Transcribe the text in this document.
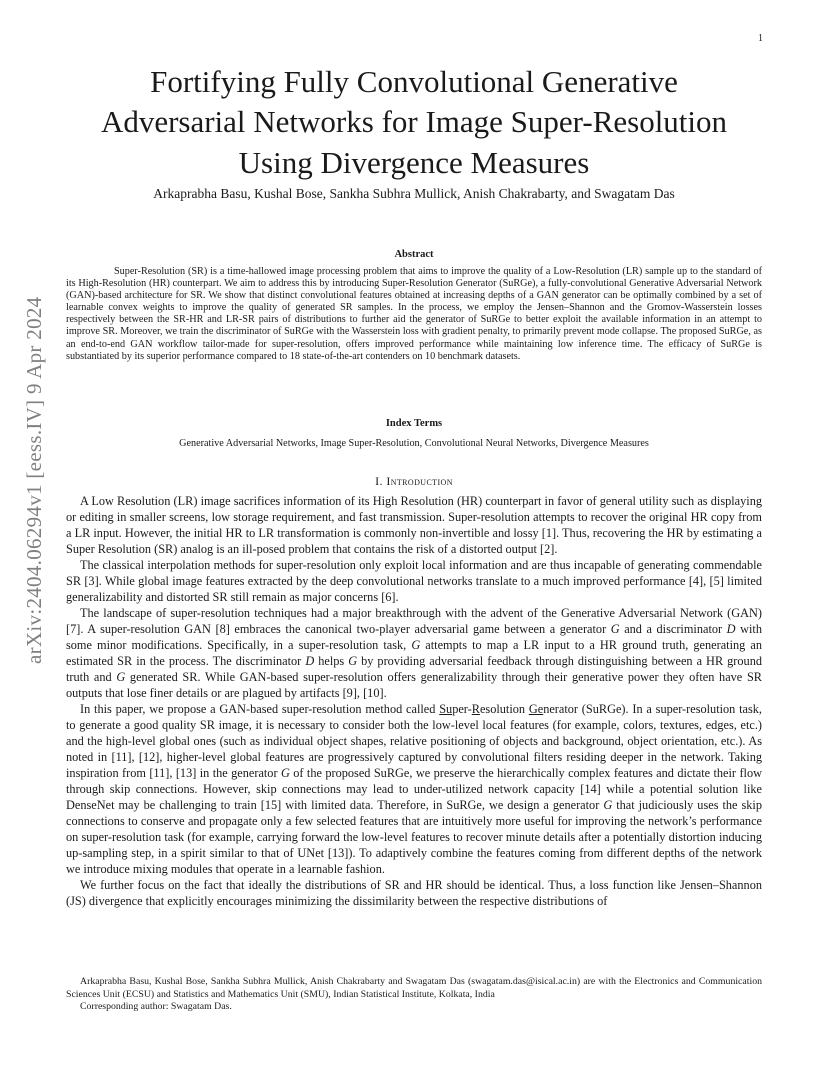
1
arXiv:2404.06294v1 [eess.IV] 9 Apr 2024
Fortifying Fully Convolutional Generative
Adversarial Networks for Image Super-Resolution
Using Divergence Measures
Arkaprabha Basu, Kushal Bose, Sankha Subhra Mullick, Anish Chakrabarty, and Swagatam Das
Abstract

Super-Resolution (SR) is a time-hallowed image processing problem that aims to improve the quality of a Low-Resolution (LR) sample up to the standard of its High-Resolution (HR) counterpart. We aim to address this by introducing Super-Resolution Generator (SuRGe), a fully-convolutional Generative Adversarial Network (GAN)-based architecture for SR. We show that distinct convolutional features obtained at increasing depths of a GAN generator can be optimally combined by a set of learnable convex weights to improve the quality of generated SR samples. In the process, we employ the Jensen–Shannon and the Gromov-Wasserstein losses respectively between the SR-HR and LR-SR pairs of distributions to further aid the generator of SuRGe to better exploit the available information in an attempt to improve SR. Moreover, we train the discriminator of SuRGe with the Wasserstein loss with gradient penalty, to primarily prevent mode collapse. The proposed SuRGe, as an end-to-end GAN workflow tailor-made for super-resolution, offers improved performance while maintaining low inference time. The efficacy of SuRGe is substantiated by its superior performance compared to 18 state-of-the-art contenders on 10 benchmark datasets.

Index Terms
Generative Adversarial Networks, Image Super-Resolution, Convolutional Neural Networks, Divergence Measures
I. Introduction

A Low Resolution (LR) image sacrifices information of its High Resolution (HR) counterpart in favor of general utility such as displaying or editing in smaller screens, low storage requirement, and fast transmission. Super-resolution attempts to recover the original HR copy from a LR input. However, the initial HR to LR transformation is commonly non-invertible and lossy [1]. Thus, recovering the HR by estimating a Super Resolution (SR) analog is an ill-posed problem that contains the risk of a distorted output [2].

The classical interpolation methods for super-resolution only exploit local information and are thus incapable of generating commendable SR [3]. While global image features extracted by the deep convolutional networks translate to a much improved performance [4], [5] limited generalizability and distorted SR still remain as major concerns [6].

The landscape of super-resolution techniques had a major breakthrough with the advent of the Generative Adversarial Network (GAN) [7]. A super-resolution GAN [8] embraces the canonical two-player adversarial game between a generator G and a discriminator D with some minor modifications. Specifically, in a super-resolution task, G attempts to map a LR input to a HR ground truth, generating an estimated SR in the process. The discriminator D helps G by providing adversarial feedback through distinguishing between a HR ground truth and G generated SR. While GAN-based super-resolution offers generalizability through their generative power they often have SR outputs that lose finer details or are plagued by artifacts [9], [10].

In this paper, we propose a GAN-based super-resolution method called Super-Resolution Generator (SuRGe). In a super-resolution task, to generate a good quality SR image, it is necessary to consider both the low-level local features (for example, colors, textures, edges, etc.) and the high-level global ones (such as individual object shapes, relative positioning of objects and background, object orientation, etc.). As noted in [11], [12], higher-level global features are progressively captured by convolutional filters residing deeper in the network. Taking inspiration from [11], [13] in the generator G of the proposed SuRGe, we preserve the hierarchically complex features and dictate their flow through skip connections. However, skip connections may lead to under-utilized network capacity [14] while a potential solution like DenseNet may be challenging to train [15] with limited data. Therefore, in SuRGe, we design a generator G that judiciously uses the skip connections to conserve and propagate only a few selected features that are intuitively more useful for improving the network’s performance on super-resolution task (for example, carrying forward the low-level features to recover minute details after a potentially distortion inducing up-sampling step, in a spirit similar to that of UNet [13]). To adaptively combine the features coming from different depths of the network we introduce mixing modules that operate in a learnable fashion.

We further focus on the fact that ideally the distributions of SR and HR should be identical. Thus, a loss function like Jensen–Shannon (JS) divergence that explicitly encourages minimizing the dissimilarity between the respective distributions of

Arkaprabha Basu, Kushal Bose, Sankha Subhra Mullick, Anish Chakrabarty and Swagatam Das (swagatam.das@isical.ac.in) are with the Electronics and Communication Sciences Unit (ECSU) and Statistics and Mathematics Unit (SMU), Indian Statistical Institute, Kolkata, India

Corresponding author: Swagatam Das.
